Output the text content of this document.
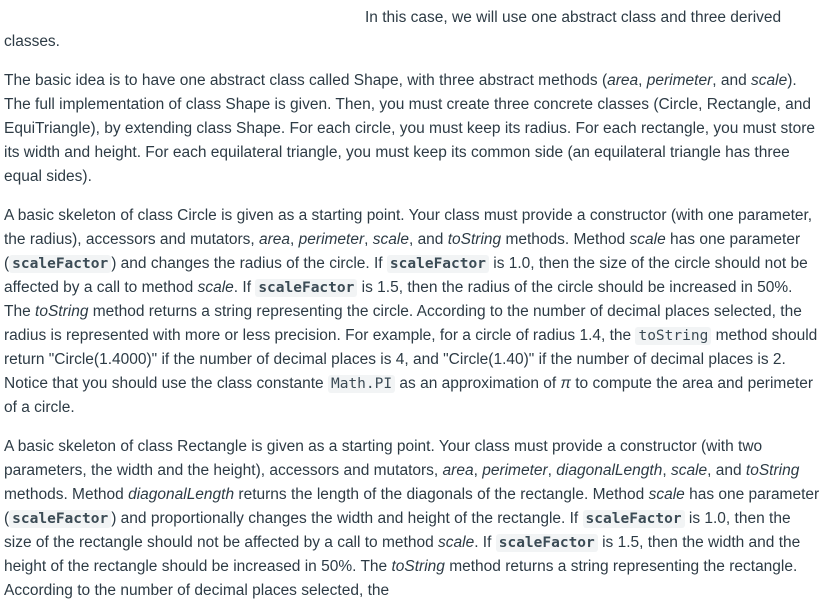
In this case, we will use one abstract class and three derived
classes.

The basic idea is to have one abstract class called Shape, with three abstract methods (area, perimeter, and scale). The full implementation of class Shape is given. Then, you must create three concrete classes (Circle, Rectangle, and EquiTriangle), by extending class Shape. For each circle, you must keep its radius. For each rectangle, you must store its width and height. For each equilateral triangle, you must keep its common side (an equilateral triangle has three equal sides).

A basic skeleton of class Circle is given as a starting point. Your class must provide a constructor (with one parameter, the radius), accessors and mutators, area, perimeter, scale, and toString methods. Method scale has one parameter ( scaleFactor ) and changes the radius of the circle. If scaleFactor is 1.0, then the size of the circle should not be affected by a call to method scale. If scaleFactor is 1.5, then the radius of the circle should be increased in 50%. The toString method returns a string representing the circle. According to the number of decimal places selected, the radius is represented with more or less precision. For example, for a circle of radius 1.4, the toString method should return "Circle(1.4000)" if the number of decimal places is 4, and "Circle(1.40)" if the number of decimal places is 2. Notice that you should use the class constante Math.PI as an approximation of π to compute the area and perimeter of a circle.

A basic skeleton of class Rectangle is given as a starting point. Your class must provide a constructor (with two parameters, the width and the height), accessors and mutators, area, perimeter, diagonalLength, scale, and toString methods. Method diagonalLength returns the length of the diagonals of the rectangle. Method scale has one parameter ( scaleFactor ) and proportionally changes the width and height of the rectangle. If scaleFactor is 1.0, then the size of the rectangle should not be affected by a call to method scale. If scaleFactor is 1.5, then the width and the height of the rectangle should be increased in 50%. The toString method returns a string representing the rectangle. According to the number of decimal places selected, the
